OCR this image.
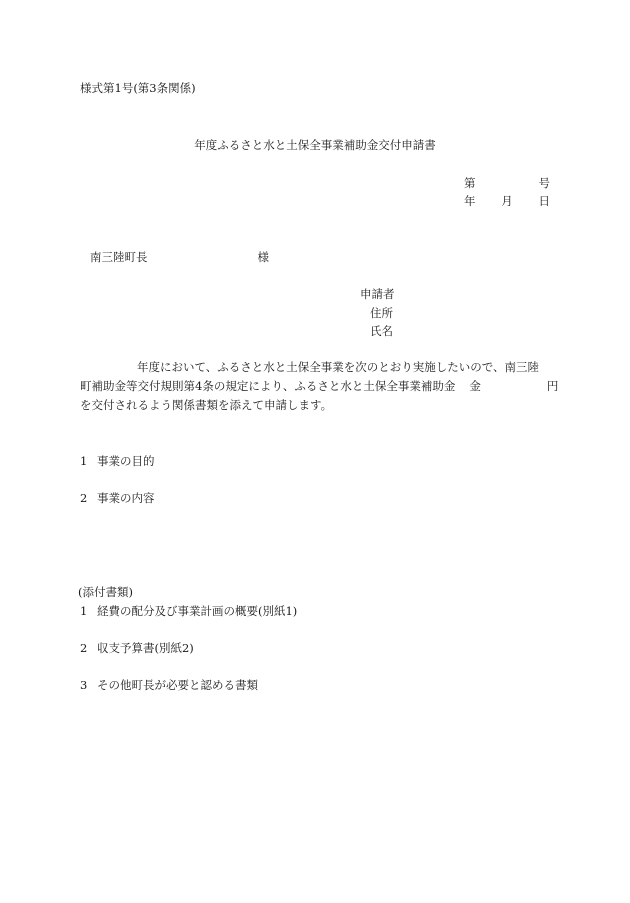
様式第1号(第3条関係)
年度ふるさと水と土保全事業補助金交付申請書
第	号
年 月 日
南三陸町長	様
申請者
住所
氏名
年度において、ふるさと水と土保全事業を次のとおり実施したいので、南三陸
町補助金等交付規則第4条の規定により、ふるさと水と土保全事業補助金 金	円
を交付されるよう関係書類を添えて申請します。
1 事業の目的
2 事業の内容
(添付書類)
1 経費の配分及び事業計画の概要(別紙1)
2 収支予算書(別紙2)
3 その他町長が必要と認める書類
